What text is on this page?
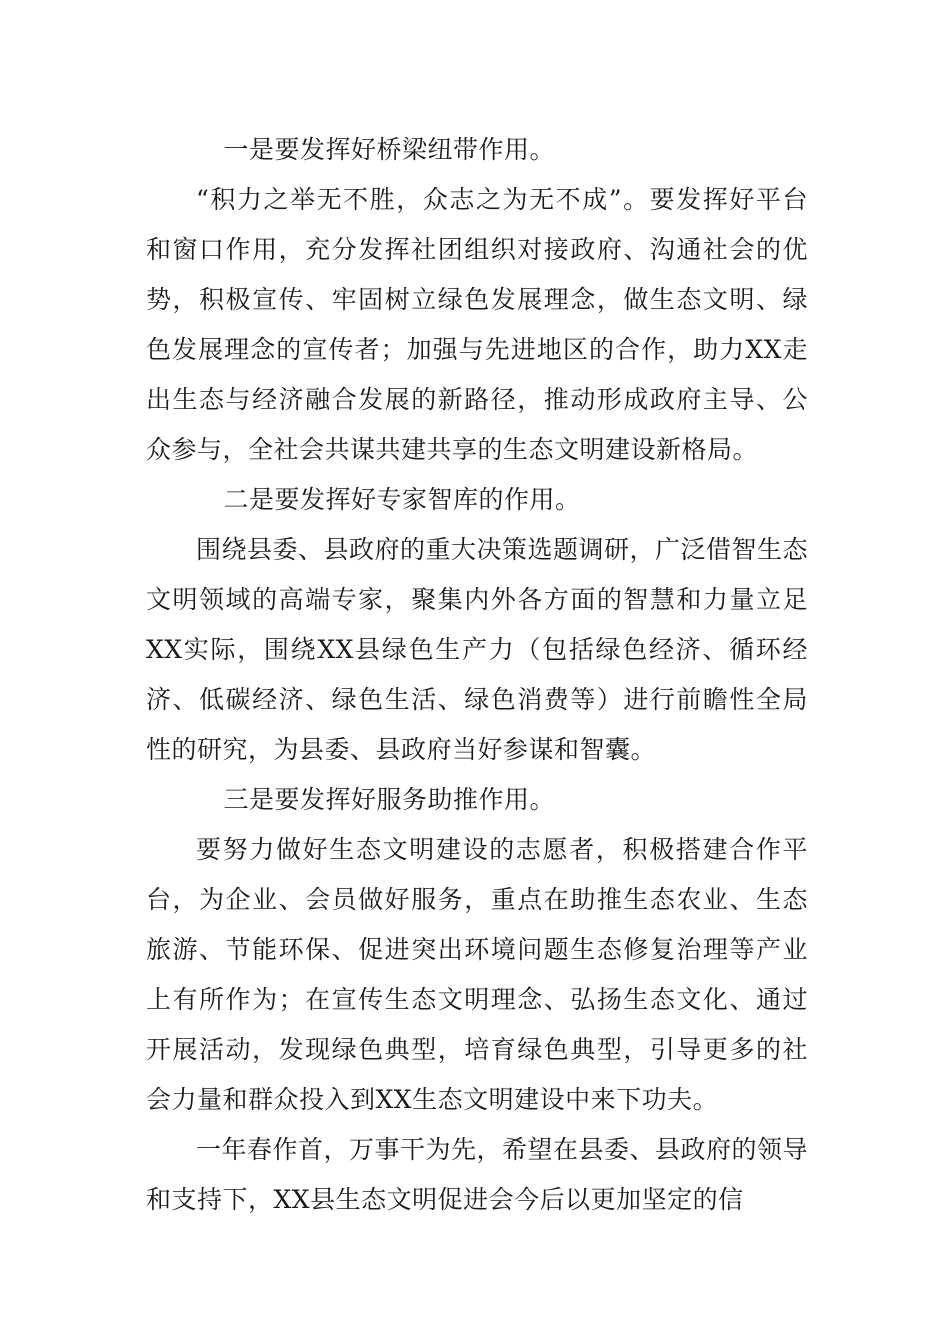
一是要发挥好桥梁纽带作用。

“积力之举无不胜，众志之为无不成”。要发挥好平台和窗口作用，充分发挥社团组织对接政府、沟通社会的优势，积极宣传、牢固树立绿色发展理念，做生态文明、绿色发展理念的宣传者；加强与先进地区的合作，助力XX走出生态与经济融合发展的新路径，推动形成政府主导、公众参与，全社会共谋共建共享的生态文明建设新格局。

二是要发挥好专家智库的作用。

围绕县委、县政府的重大决策选题调研，广泛借智生态文明领域的高端专家，聚集内外各方面的智慧和力量立足XX实际，围绕XX县绿色生产力（包括绿色经济、循环经济、低碳经济、绿色生活、绿色消费等）进行前瞻性全局性的研究，为县委、县政府当好参谋和智囊。

三是要发挥好服务助推作用。

要努力做好生态文明建设的志愿者，积极搭建合作平台，为企业、会员做好服务，重点在助推生态农业、生态旅游、节能环保、促进突出环境问题生态修复治理等产业上有所作为；在宣传生态文明理念、弘扬生态文化、通过开展活动，发现绿色典型，培育绿色典型，引导更多的社会力量和群众投入到XX生态文明建设中来下功夫。

一年春作首，万事干为先，希望在县委、县政府的领导和支持下，XX县生态文明促进会今后以更加坚定的信
